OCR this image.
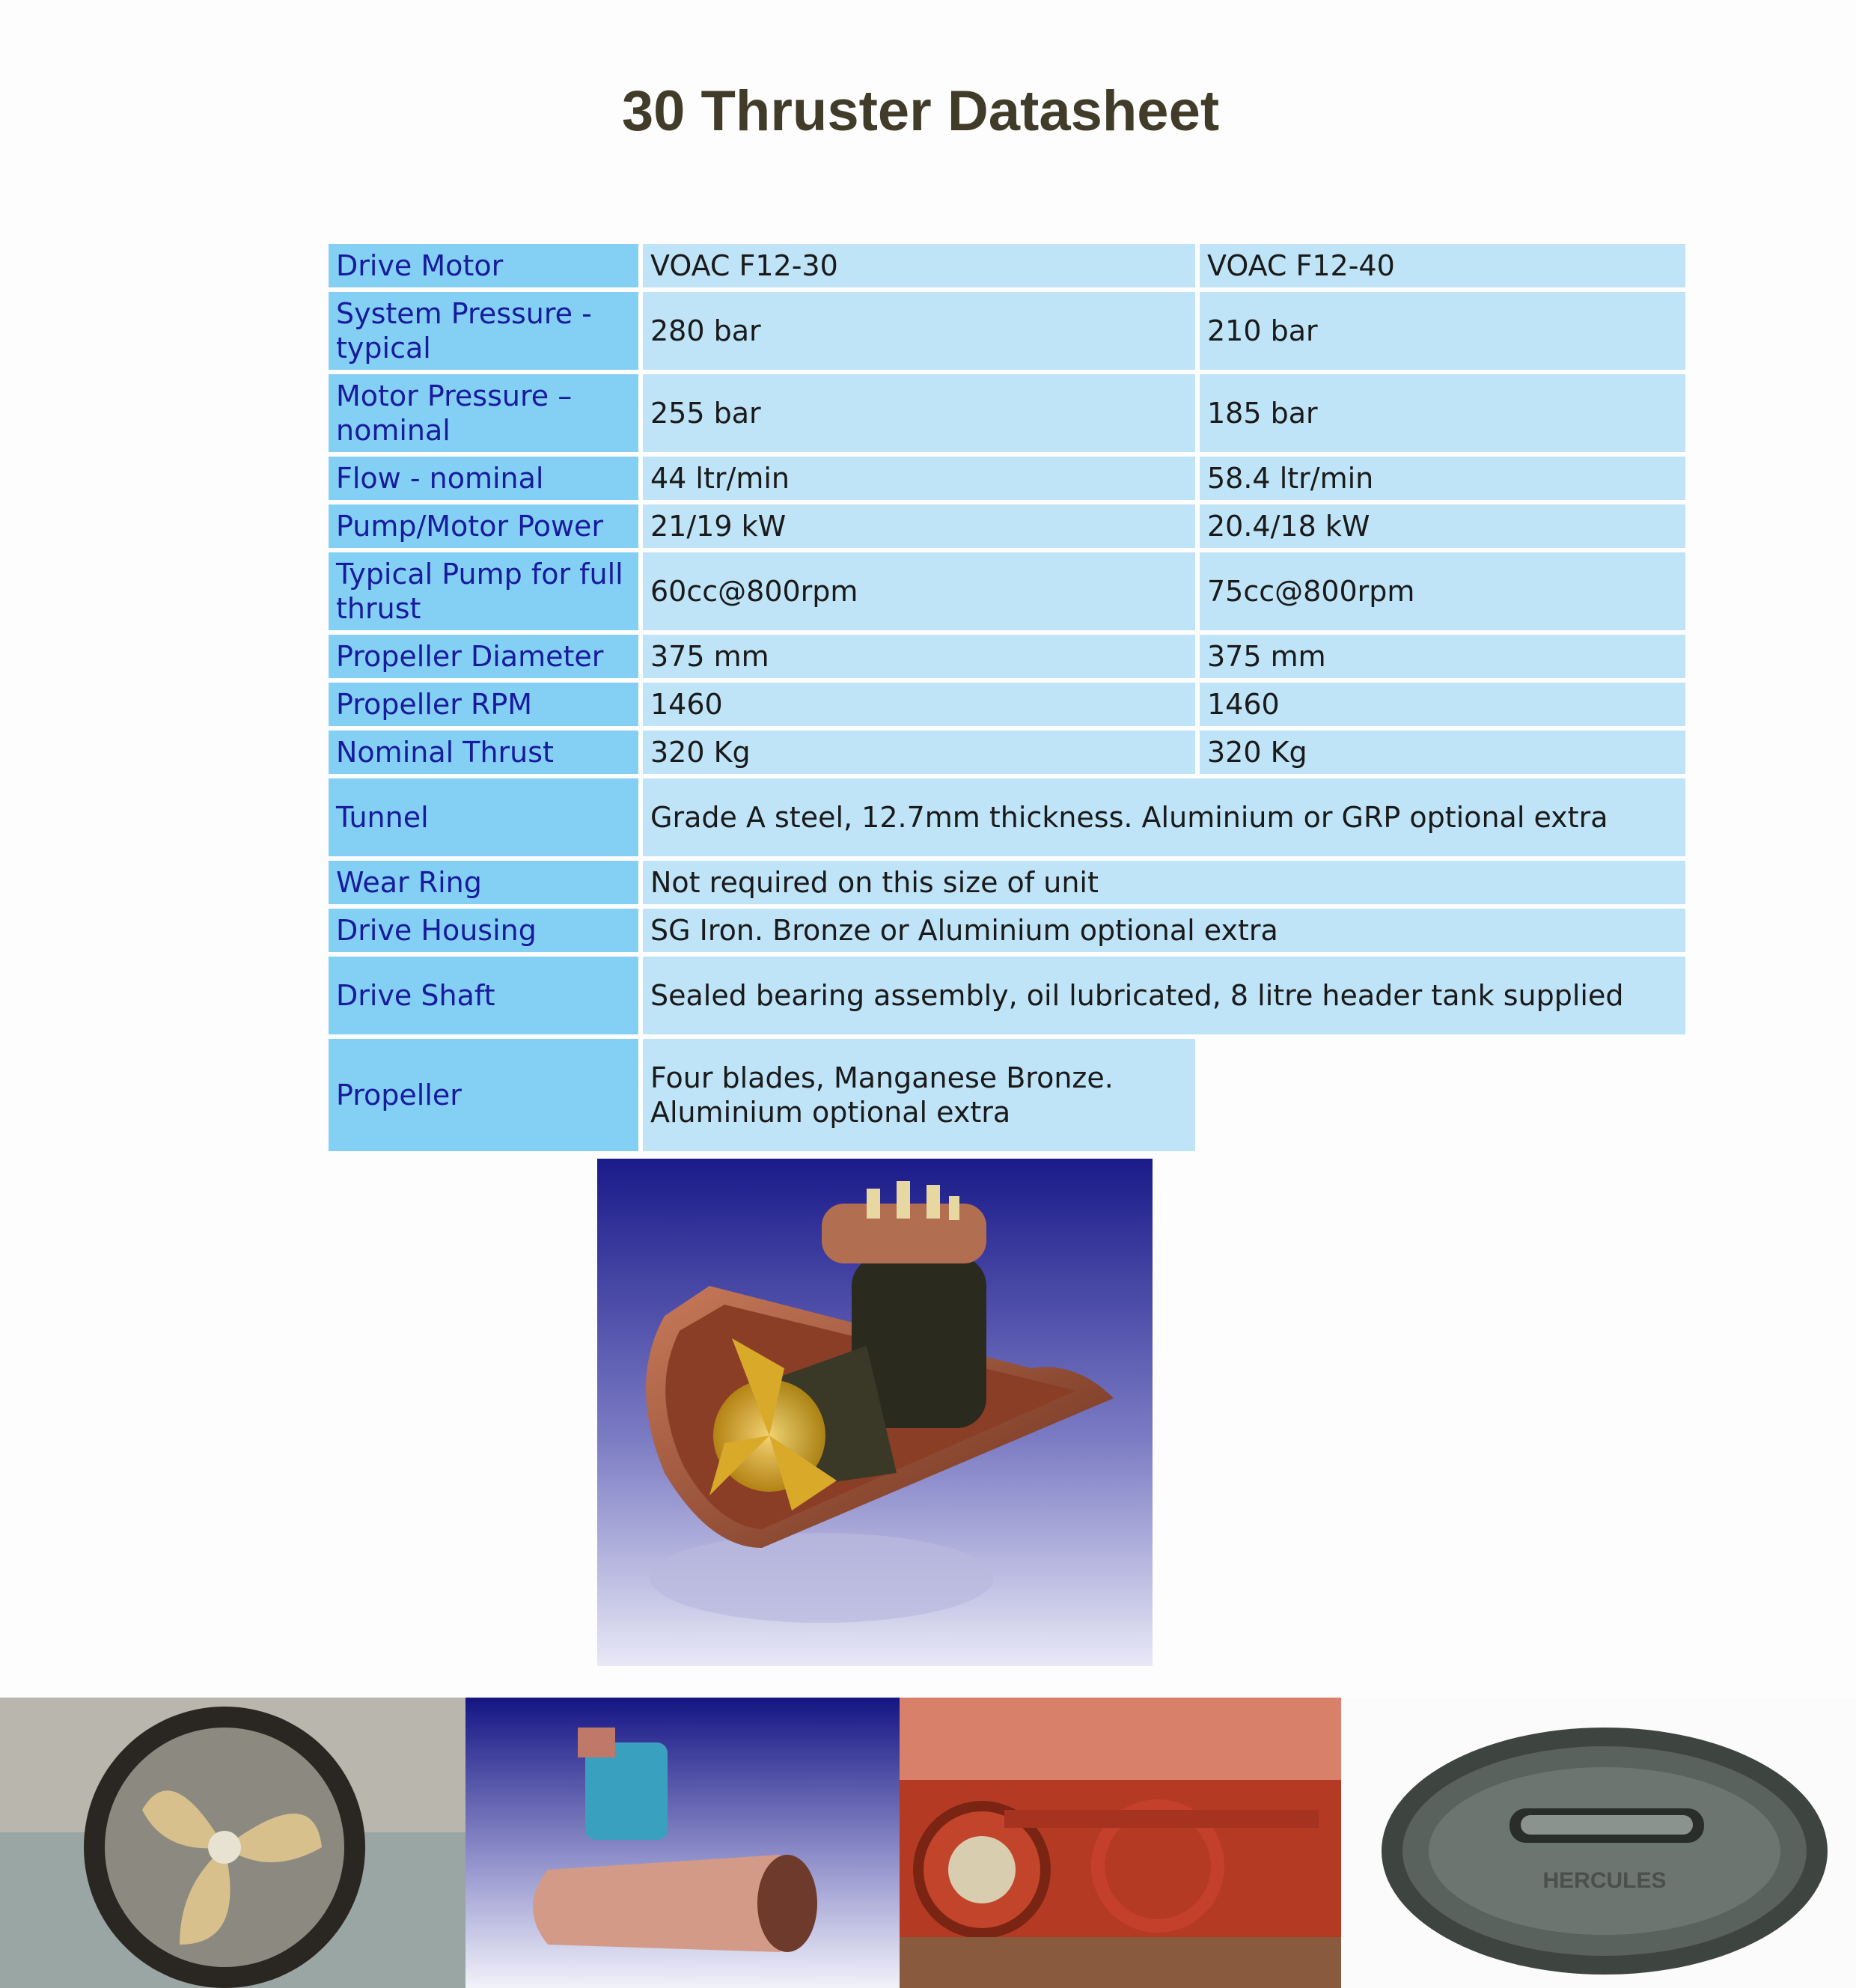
30 Thruster Datasheet
Drive Motor	VOAC F12-30	VOAC F12-40
System Pressure - typical	280 bar	210 bar
Motor Pressure – nominal	255 bar	185 bar
Flow - nominal	44 ltr/min	58.4 ltr/min
Pump/Motor Power	21/19 kW	20.4/18 kW
Typical Pump for full thrust	60cc@800rpm	75cc@800rpm
Propeller Diameter	375 mm	375 mm
Propeller RPM	1460	1460
Nominal Thrust	320 Kg	320 Kg
Tunnel	Grade A steel, 12.7mm thickness. Aluminium or GRP optional extra	
Wear Ring	Not required on this size of unit	
Drive Housing	SG Iron. Bronze or Aluminium optional extra	
Drive Shaft	Sealed bearing assembly, oil lubricated, 8 litre header tank supplied	
Propeller	Four blades, Manganese Bronze. Aluminium optional extra	
HERCULES
